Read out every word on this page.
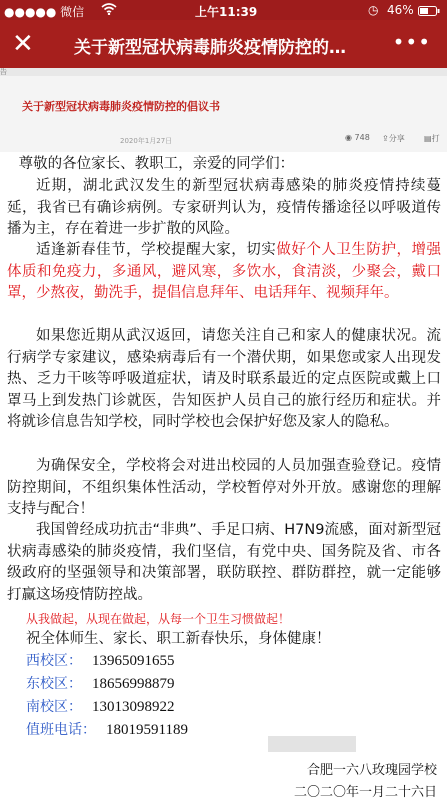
●●●●● 微信	上午11:39	◷ 46%
✕ 关于新型冠状病毒肺炎疫情防控的…	•••
告
关于新型冠状病毒肺炎疫情防控的倡议书
2020年1月27日	◉ 748 ⇪分享 ▤打

尊敬的各位家长、教职工，亲爱的同学们：

近期，湖北武汉发生的新型冠状病毒感染的肺炎疫情持续蔓延，我省已有确诊病例。专家研判认为，疫情传播途径以呼吸道传播为主，存在着进一步扩散的风险。

适逢新春佳节，学校提醒大家，切实做好个人卫生防护，增强体质和免疫力，多通风，避风寒，多饮水，食清淡，少聚会，戴口罩，少熬夜，勤洗手，提倡信息拜年、电话拜年、视频拜年。

如果您近期从武汉返回，请您关注自己和家人的健康状况。流行病学专家建议，感染病毒后有一个潜伏期，如果您或家人出现发热、乏力干咳等呼吸道症状，请及时联系最近的定点医院或戴上口罩马上到发热门诊就医，告知医护人员自己的旅行经历和症状。并将就诊信息告知学校，同时学校也会保护好您及家人的隐私。

为确保安全，学校将会对进出校园的人员加强查验登记。疫情防控期间，不组织集体性活动，学校暂停对外开放。感谢您的理解支持与配合！

我国曾经成功抗击“非典”、手足口病、H7N9流感，面对新型冠状病毒感染的肺炎疫情，我们坚信，有党中央、国务院及省、市各级政府的坚强领导和决策部署，联防联控、群防群控，就一定能够打赢这场疫情防控战。

从我做起，从现在做起，从每一个卫生习惯做起！
祝全体师生、家长、职工新春快乐，身体健康！
西校区： 13965091655
东校区： 18656998879
南校区： 13013098922
值班电话： 18019591189
合肥一六八玫瑰园学校
二〇二〇年一月二十六日
